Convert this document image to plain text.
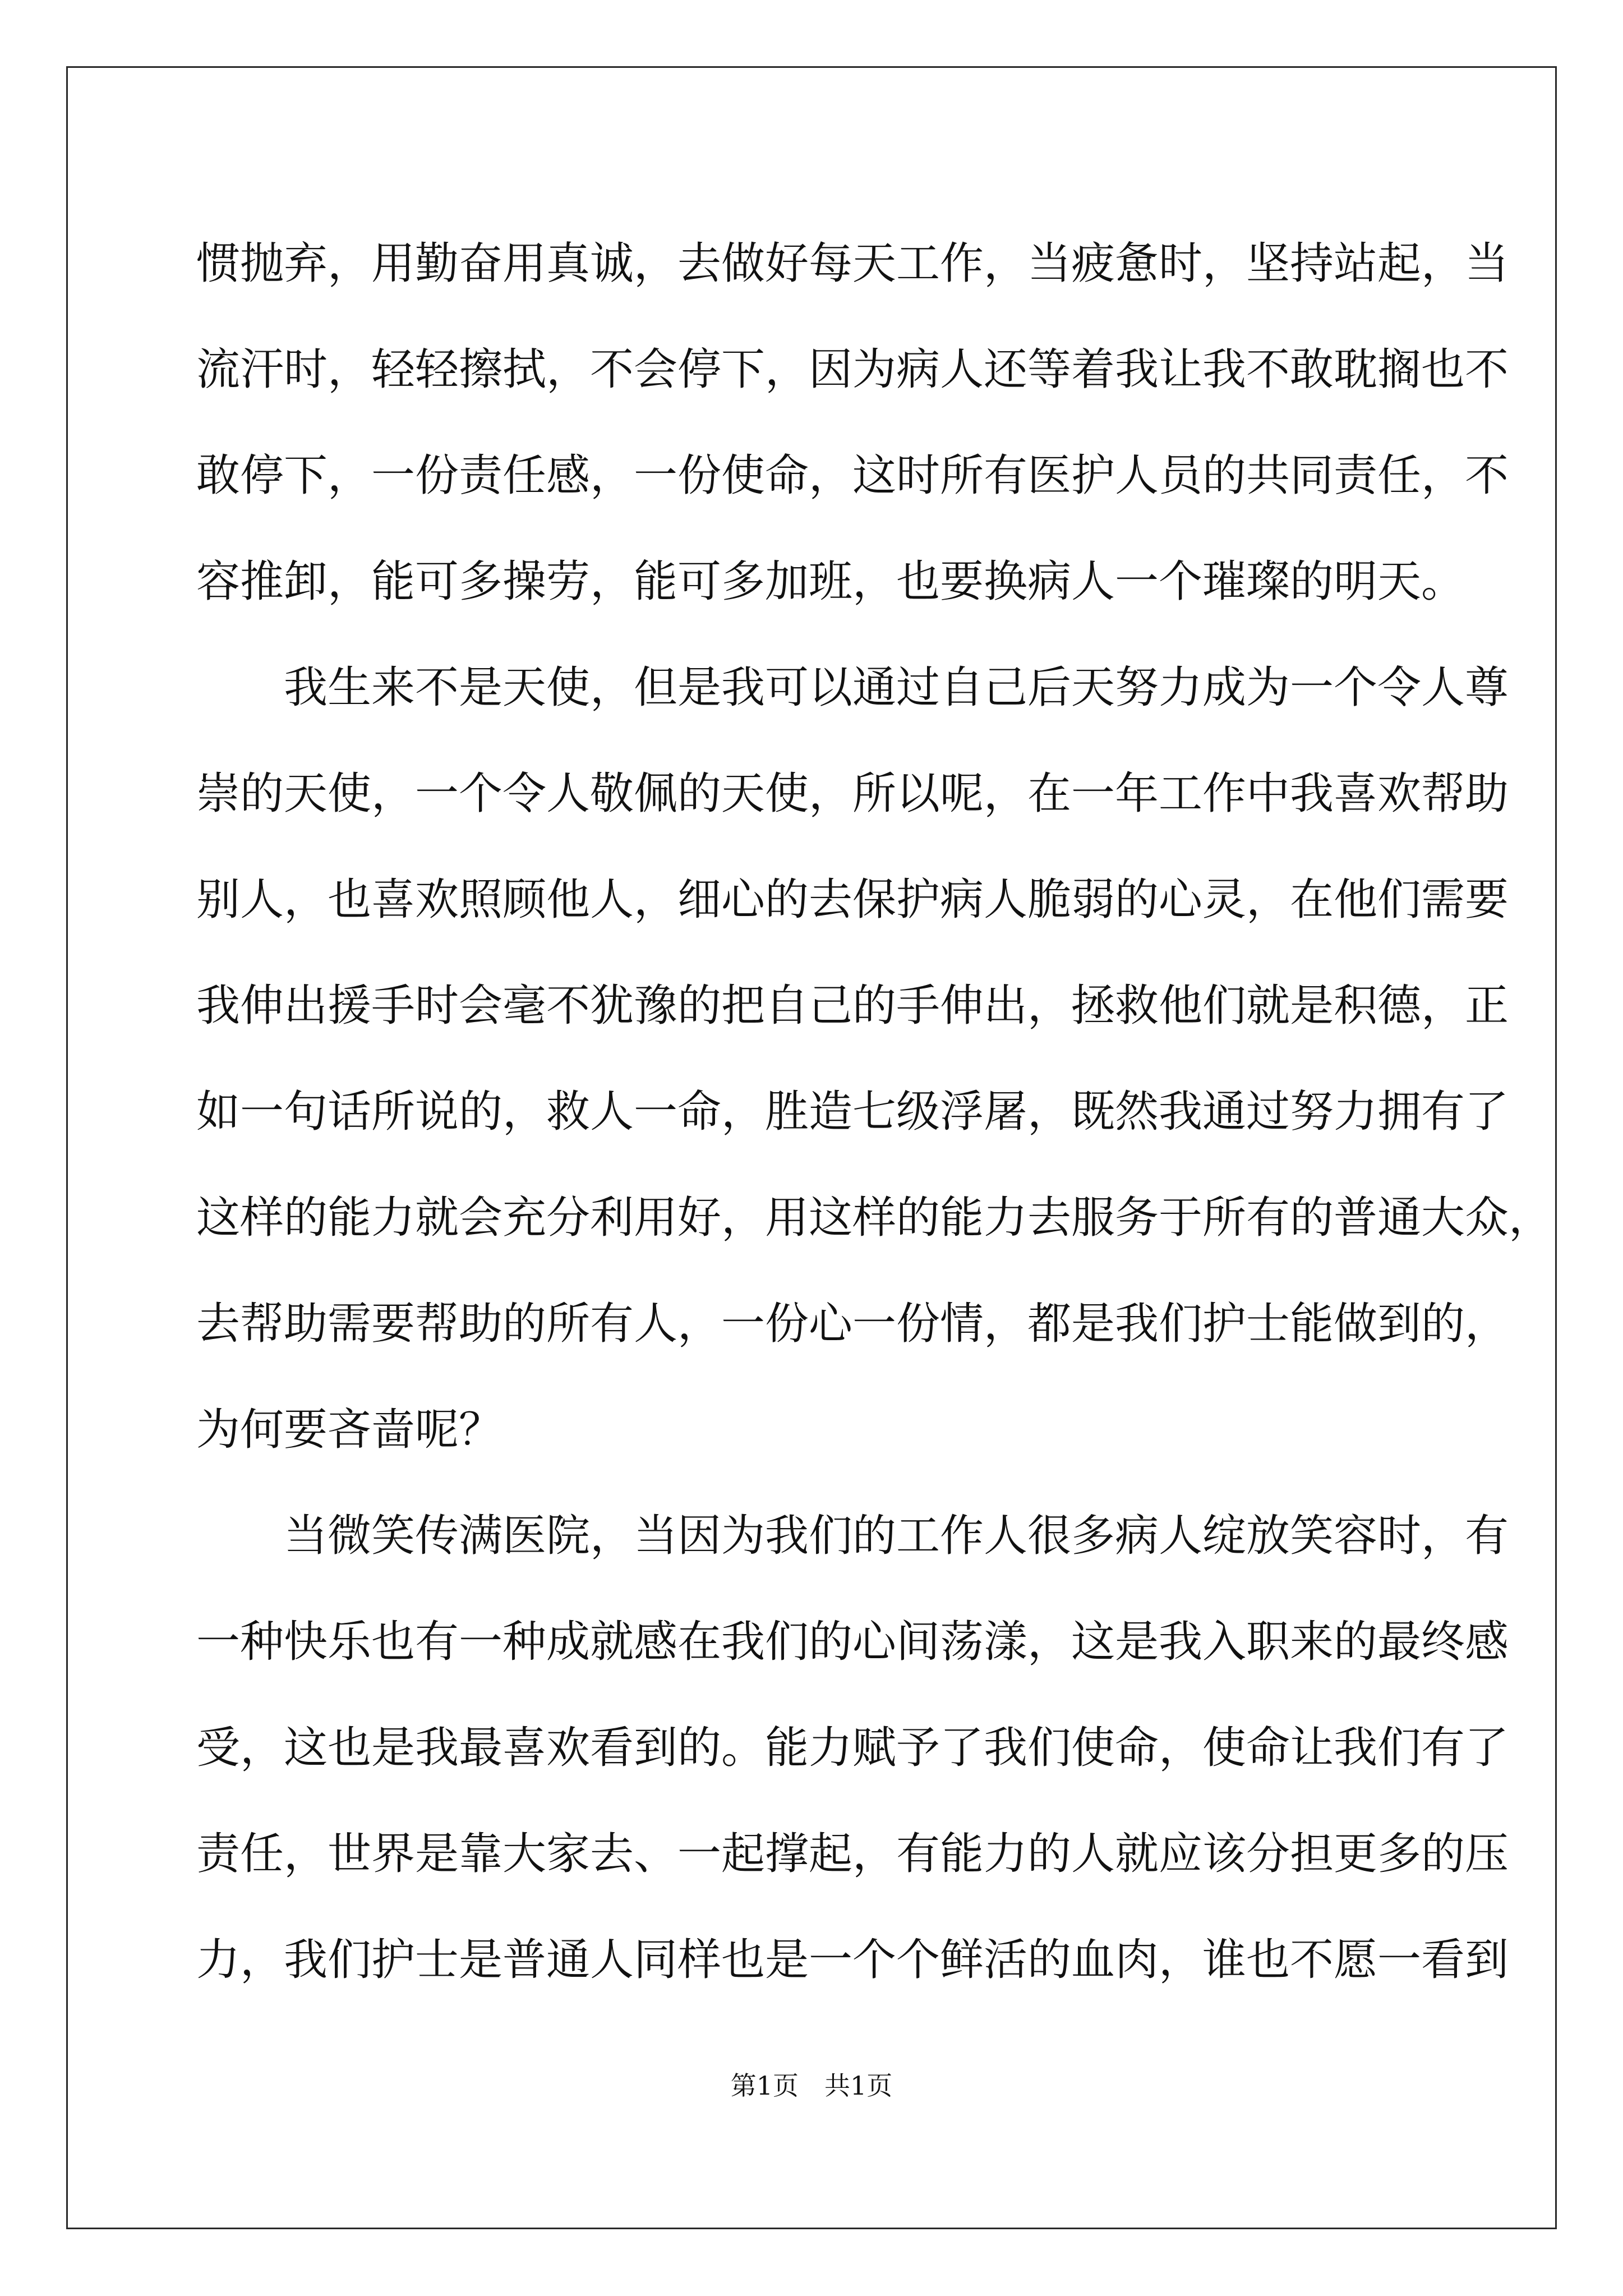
惯抛弃，用勤奋用真诚，去做好每天工作，当疲惫时，坚持站起，当
流汗时，轻轻擦拭，不会停下，因为病人还等着我让我不敢耽搁也不
敢停下，一份责任感，一份使命，这时所有医护人员的共同责任，不
容推卸，能可多操劳，能可多加班，也要换病人一个璀璨的明天。
　　我生来不是天使，但是我可以通过自己后天努力成为一个令人尊
崇的天使，一个令人敬佩的天使，所以呢，在一年工作中我喜欢帮助
别人，也喜欢照顾他人，细心的去保护病人脆弱的心灵，在他们需要
我伸出援手时会毫不犹豫的把自己的手伸出，拯救他们就是积德，正
如一句话所说的，救人一命，胜造七级浮屠，既然我通过努力拥有了
这样的能力就会充分利用好，用这样的能力去服务于所有的普通大众，
去帮助需要帮助的所有人，一份心一份情，都是我们护士能做到的，
为何要吝啬呢？
　　当微笑传满医院，当因为我们的工作人很多病人绽放笑容时，有
一种快乐也有一种成就感在我们的心间荡漾，这是我入职来的最终感
受，这也是我最喜欢看到的。能力赋予了我们使命，使命让我们有了
责任，世界是靠大家去、一起撑起，有能力的人就应该分担更多的压
力，我们护士是普通人同样也是一个个鲜活的血肉，谁也不愿一看到
第1页 共1页
